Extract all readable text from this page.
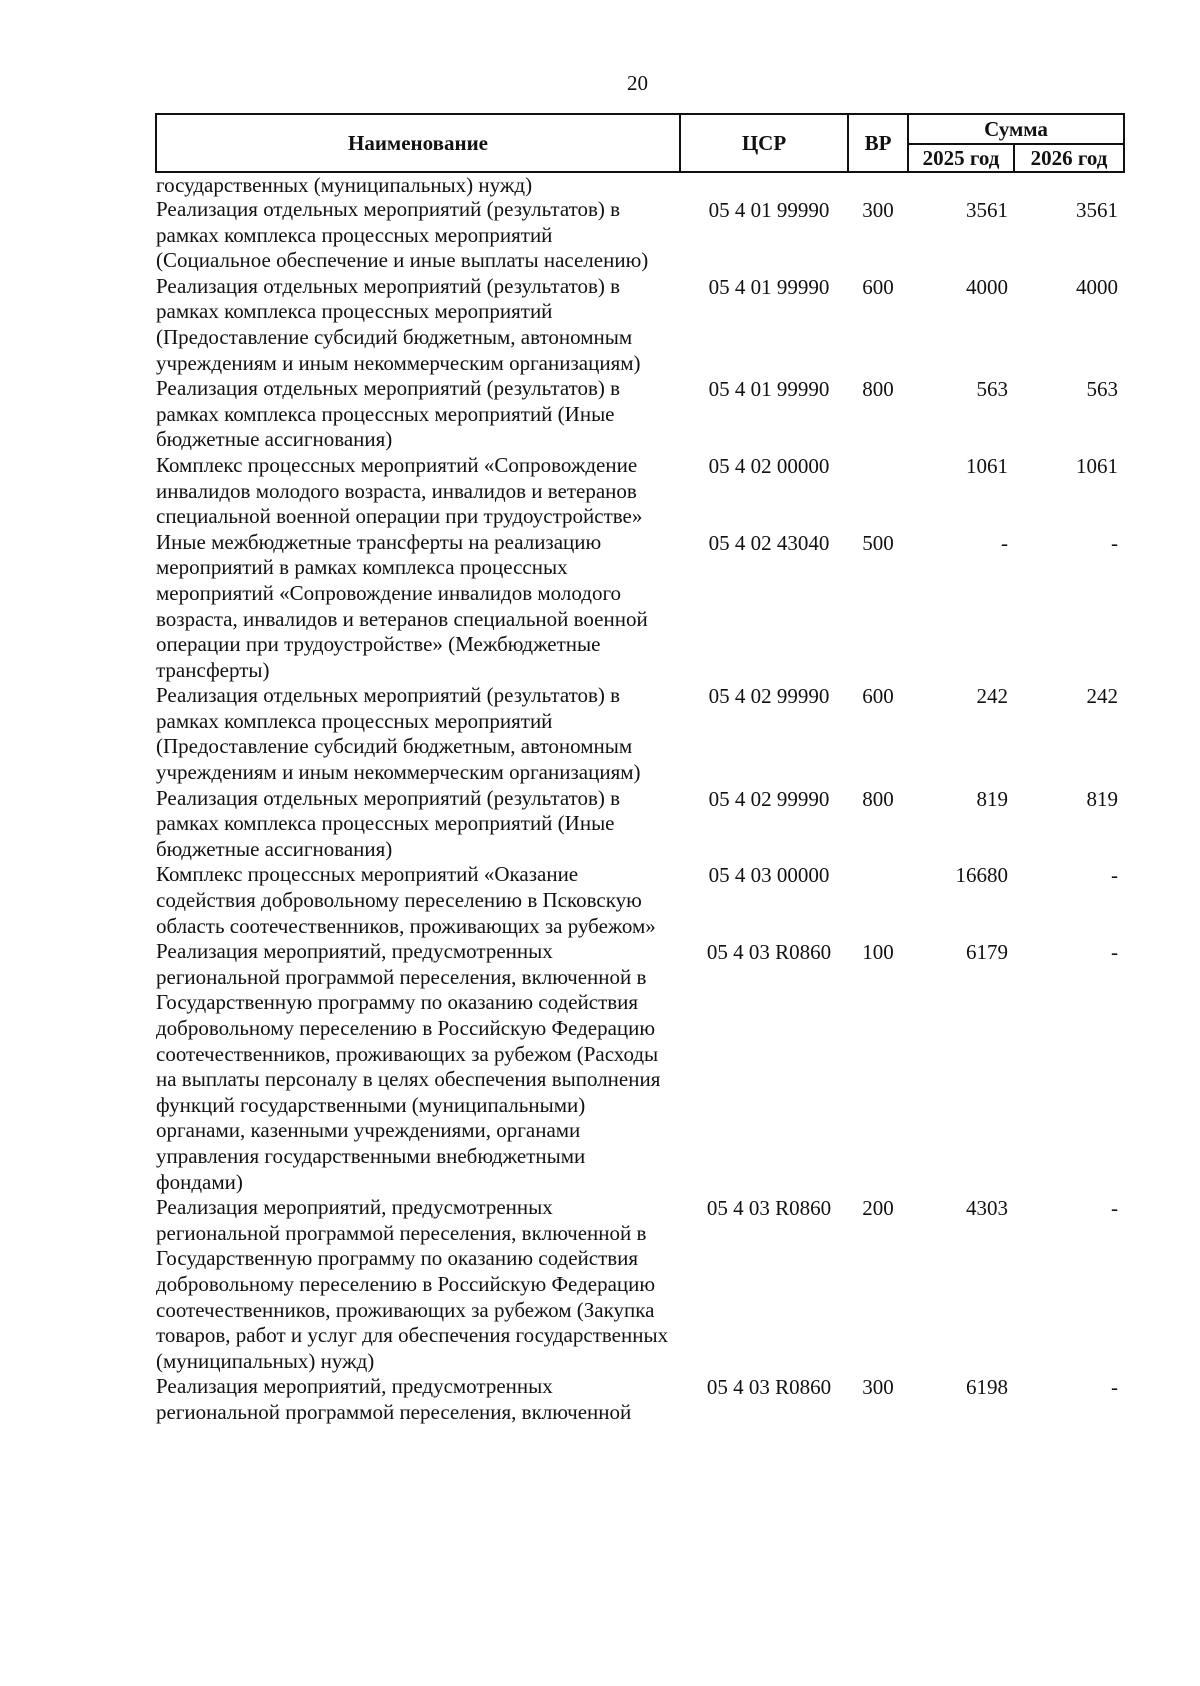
20
Наименование	ЦСР	ВР	Сумма	
			2025 год	2026 год
государственных (муниципальных) нужд)				
Реализация отдельных мероприятий (результатов) в рамках комплекса процессных мероприятий (Социальное обеспечение и иные выплаты населению)	05 4 01 99990	300	3561	3561
Реализация отдельных мероприятий (результатов) в рамках комплекса процессных мероприятий (Предоставление субсидий бюджетным, автономным учреждениям и иным некоммерческим организациям)	05 4 01 99990	600	4000	4000
Реализация отдельных мероприятий (результатов) в рамках комплекса процессных мероприятий (Иные бюджетные ассигнования)	05 4 01 99990	800	563	563
Комплекс процессных мероприятий «Сопровождение инвалидов молодого возраста, инвалидов и ветеранов специальной военной операции при трудоустройстве»	05 4 02 00000		1061	1061
Иные межбюджетные трансферты на реализацию мероприятий в рамках комплекса процессных мероприятий «Сопровождение инвалидов молодого возраста, инвалидов и ветеранов специальной военной операции при трудоустройстве» (Межбюджетные трансферты)	05 4 02 43040	500	-	-
Реализация отдельных мероприятий (результатов) в рамках комплекса процессных мероприятий (Предоставление субсидий бюджетным, автономным учреждениям и иным некоммерческим организациям)	05 4 02 99990	600	242	242
Реализация отдельных мероприятий (результатов) в рамках комплекса процессных мероприятий (Иные бюджетные ассигнования)	05 4 02 99990	800	819	819
Комплекс процессных мероприятий «Оказание содействия добровольному переселению в Псковскую область соотечественников, проживающих за рубежом»	05 4 03 00000		16680	-
Реализация мероприятий, предусмотренных региональной программой переселения, включенной в Государственную программу по оказанию содействия добровольному переселению в Российскую Федерацию соотечественников, проживающих за рубежом (Расходы на выплаты персоналу в целях обеспечения выполнения функций государственными (муниципальными) органами, казенными учреждениями, органами управления государственными внебюджетными фондами)	05 4 03 R0860	100	6179	-
Реализация мероприятий, предусмотренных региональной программой переселения, включенной в Государственную программу по оказанию содействия добровольному переселению в Российскую Федерацию соотечественников, проживающих за рубежом (Закупка товаров, работ и услуг для обеспечения государственных (муниципальных) нужд)	05 4 03 R0860	200	4303	-
Реализация мероприятий, предусмотренных региональной программой переселения, включенной	05 4 03 R0860	300	6198	-
